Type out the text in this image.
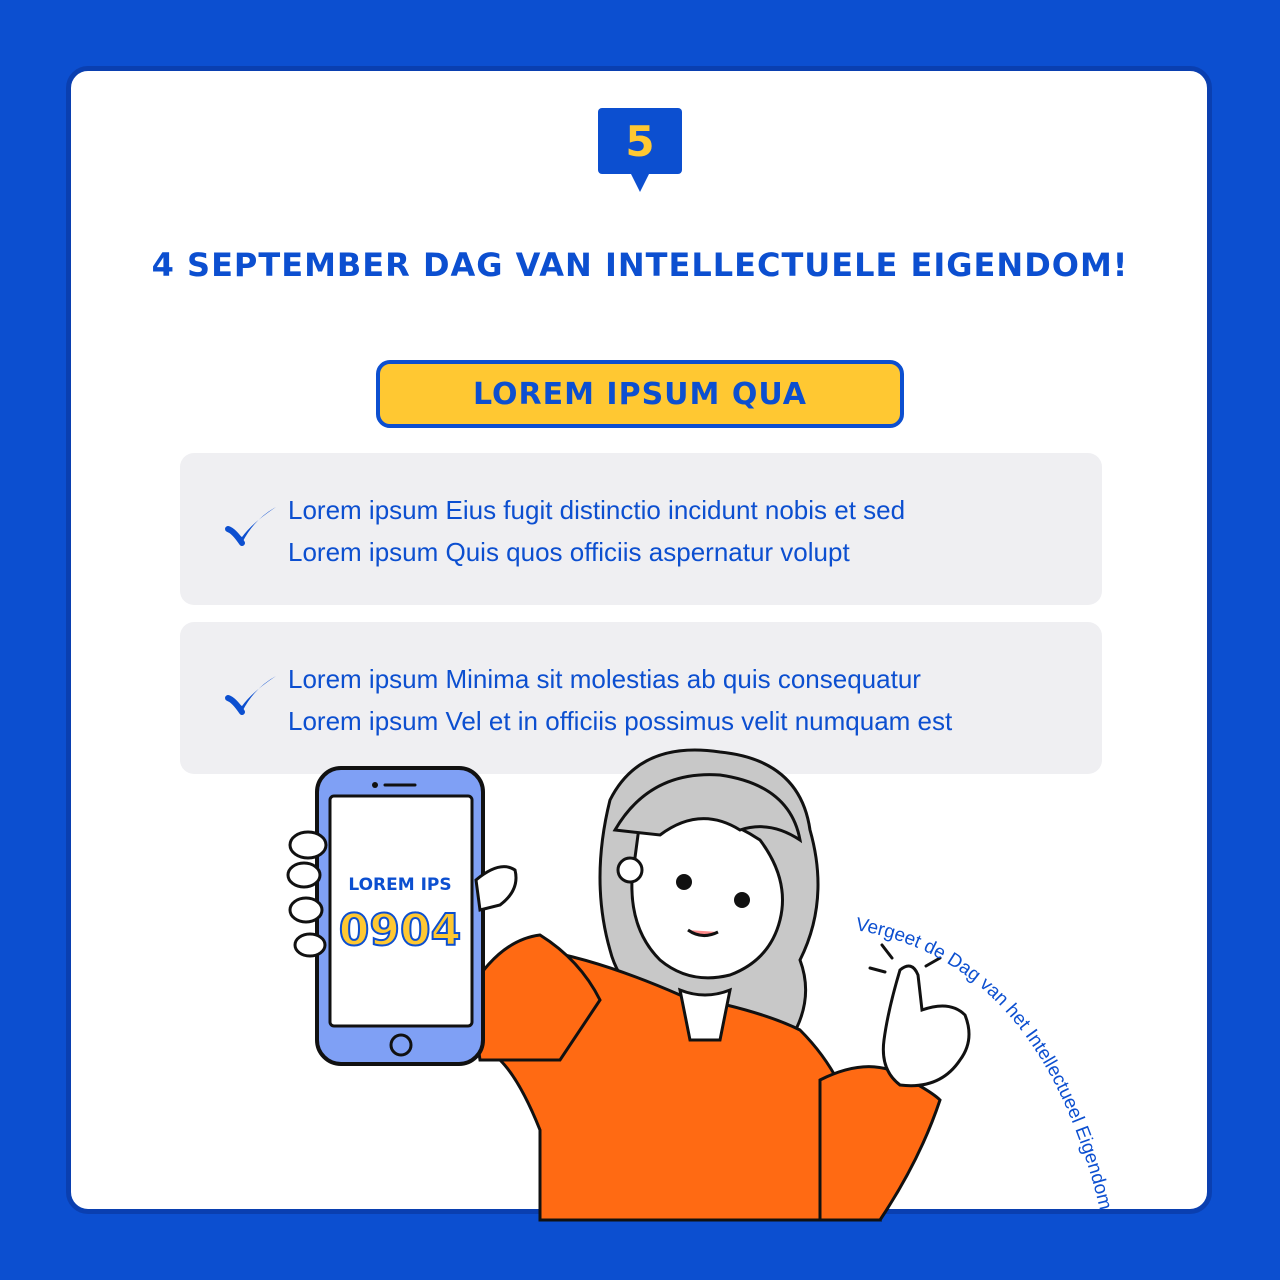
5
4 SEPTEMBER DAG VAN INTELLECTUELE EIGENDOM!
LOREM IPSUM QUA
Lorem ipsum Eius fugit distinctio incidunt nobis et sed
Lorem ipsum Quis quos officiis aspernatur volupt
Lorem ipsum Minima sit molestias ab quis consequatur
Lorem ipsum Vel et in officiis possimus velit numquam est
LOREM IPS
0904	Vergeet de Dag van het Intellectueel Eigendom
